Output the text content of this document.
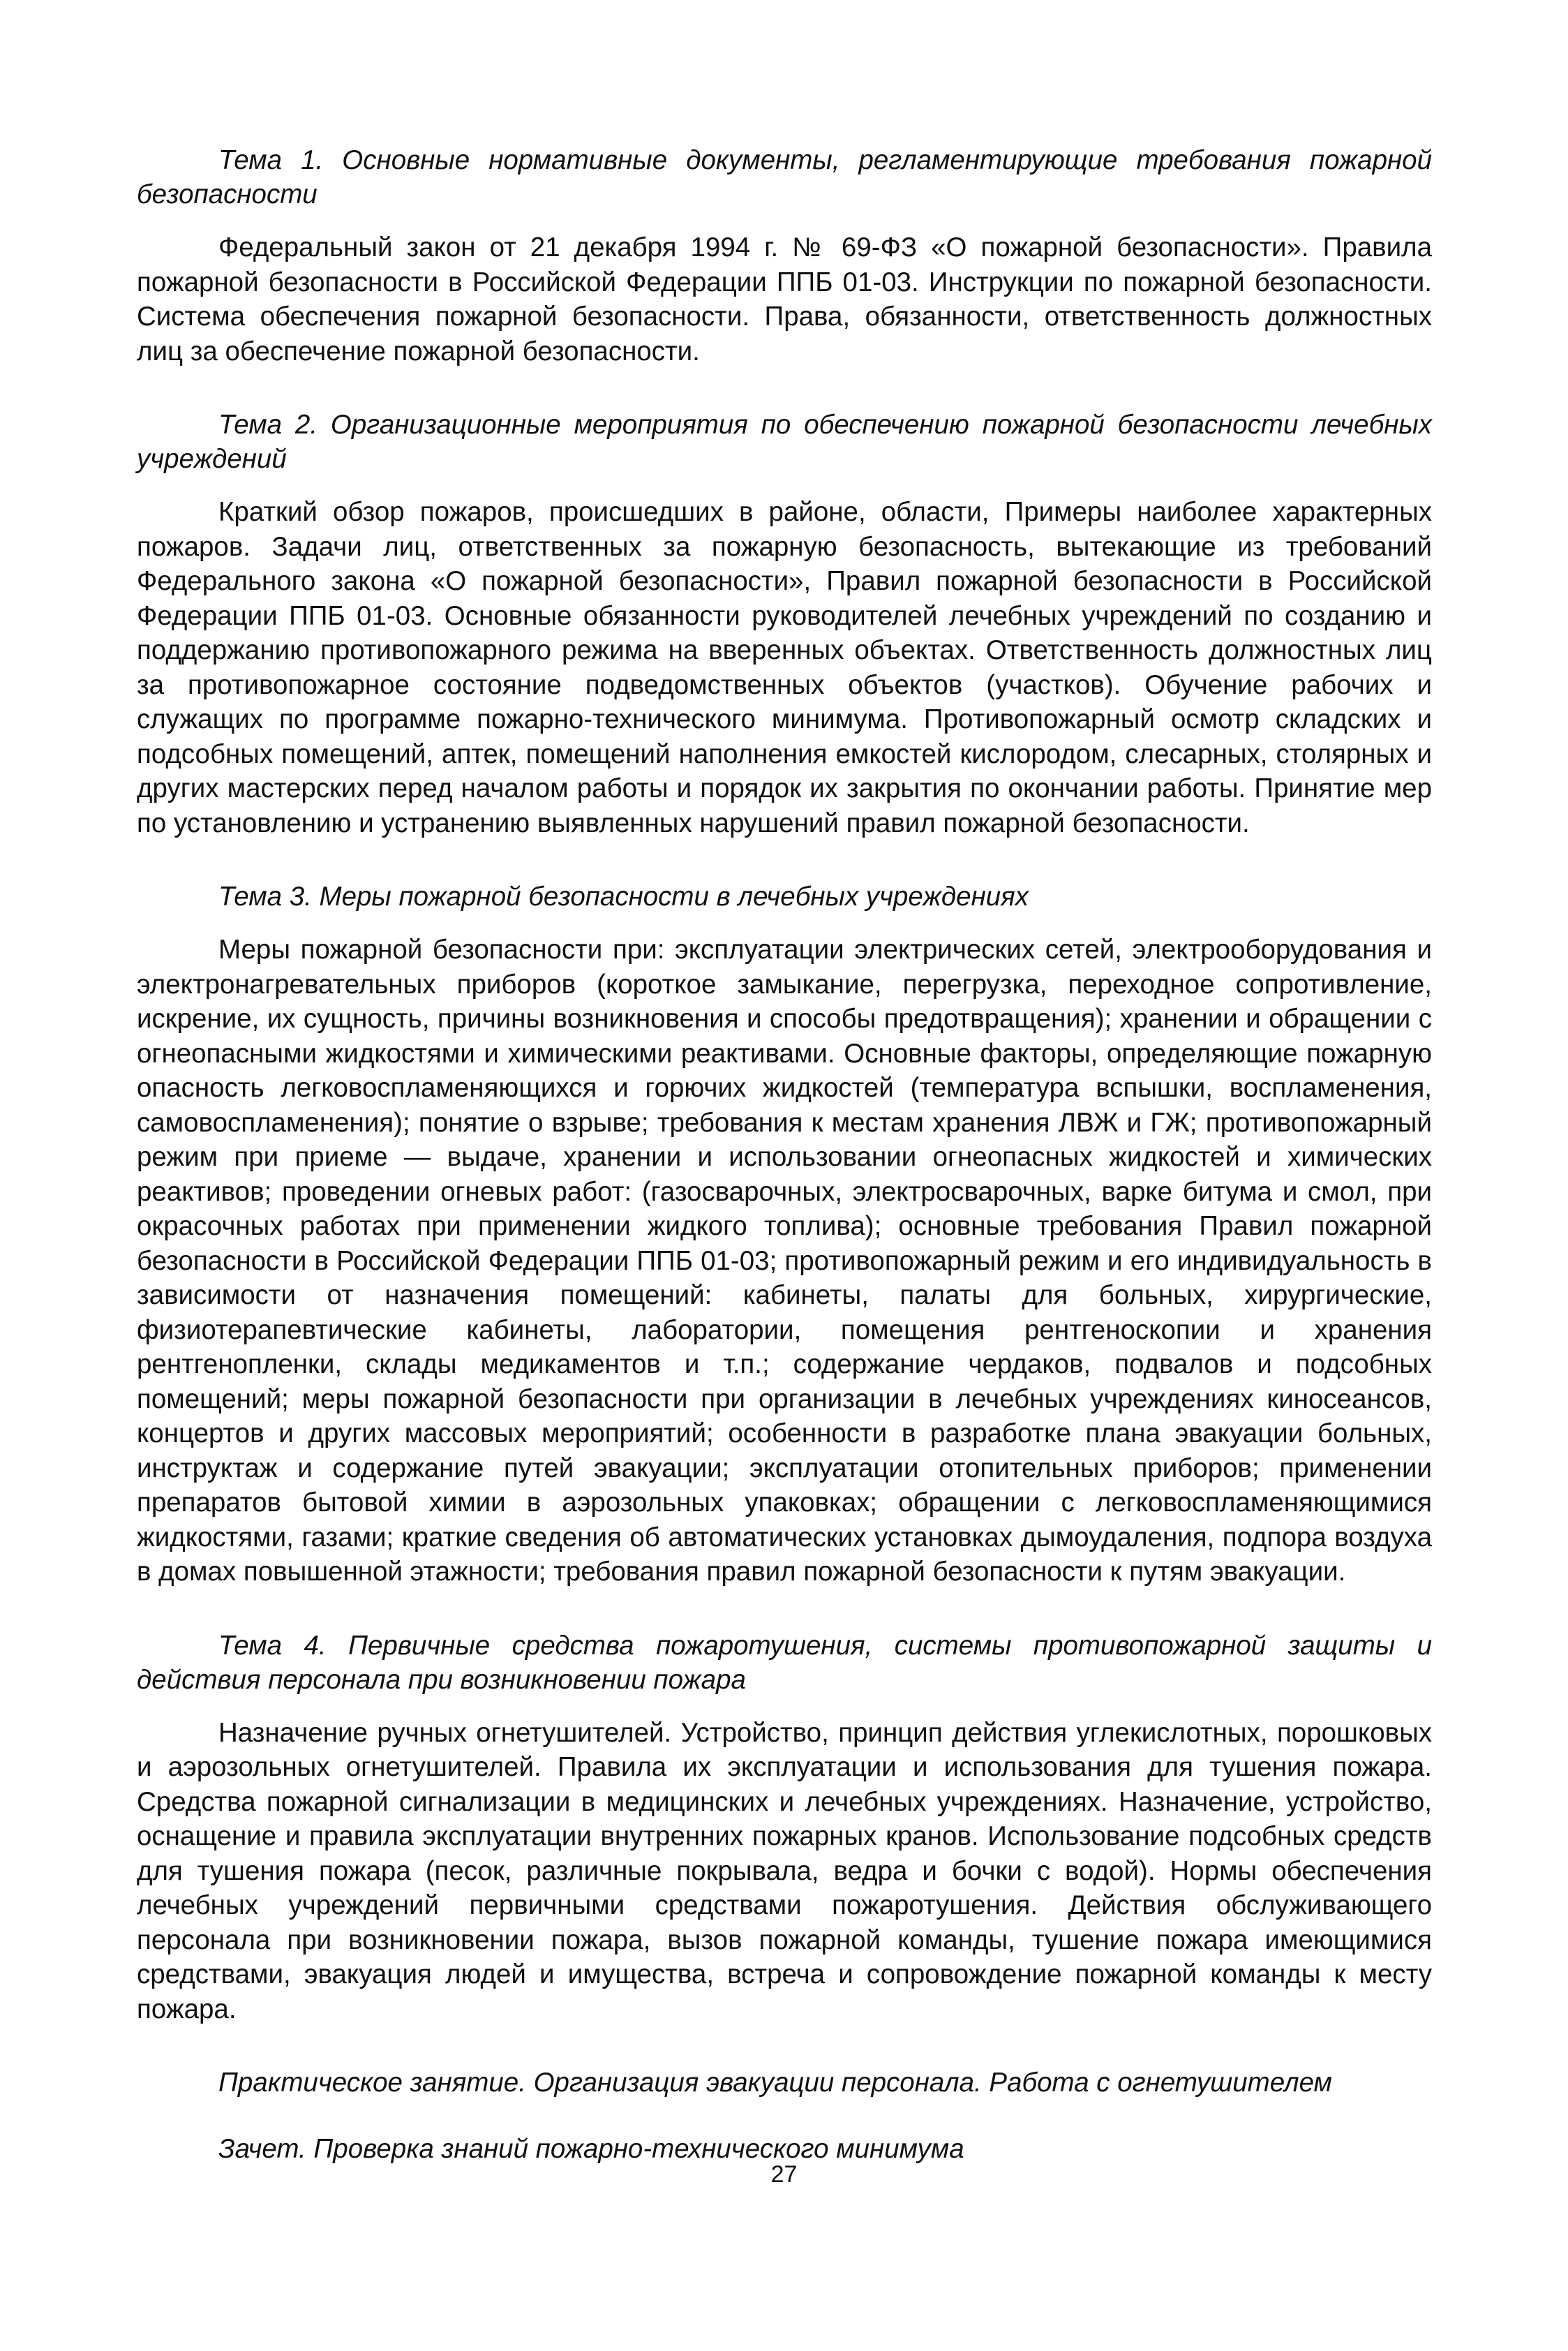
Тема 1. Основные нормативные документы, регламентирующие требования пожарной безопасности

Федеральный закон от 21 декабря 1994 г. № 69-ФЗ «О пожарной безопасности». Правила пожарной безопасности в Российской Федерации ППБ 01-03. Инструкции по пожарной безопасности. Система обеспечения пожарной безопасности. Права, обязанности, ответственность должностных лиц за обеспечение пожарной безопасности.

Тема 2. Организационные мероприятия по обеспечению пожарной безопасности лечебных учреждений

Краткий обзор пожаров, происшедших в районе, области, Примеры наиболее характерных пожаров. Задачи лиц, ответственных за пожарную безопасность, вытекающие из требований Федерального закона «О пожарной безопасности», Правил пожарной безопасности в Российской Федерации ППБ 01-03. Основные обязанности руководителей лечебных учреждений по созданию и поддержанию противопожарного режима на вверенных объектах. Ответственность должностных лиц за противопожарное состояние подведомственных объектов (участков). Обучение рабочих и служащих по программе пожарно-технического минимума. Противопожарный осмотр складских и подсобных помещений, аптек, помещений наполнения емкостей кислородом, слесарных, столярных и других мастерских перед началом работы и порядок их закрытия по окончании работы. Принятие мер по установлению и устранению выявленных нарушений правил пожарной безопасности.

Тема 3. Меры пожарной безопасности в лечебных учреждениях

Меры пожарной безопасности при: эксплуатации электрических сетей, электрооборудования и электронагревательных приборов (короткое замыкание, перегрузка, переходное сопротивление, искрение, их сущность, причины возникновения и способы предотвращения); хранении и обращении с огнеопасными жидкостями и химическими реактивами. Основные факторы, определяющие пожарную опасность легковоспламеняющихся и горючих жидкостей (температура вспышки, воспламенения, самовоспламенения); понятие о взрыве; требования к местам хранения ЛВЖ и ГЖ; противопожарный режим при приеме — выдаче, хранении и использовании огнеопасных жидкостей и химических реактивов; проведении огневых работ: (газосварочных, электросварочных, варке битума и смол, при окрасочных работах при применении жидкого топлива); основные требования Правил пожарной безопасности в Российской Федерации ППБ 01-03; противопожарный режим и его индивидуальность в зависимости от назначения помещений: кабинеты, палаты для больных, хирургические, физиотерапевтические кабинеты, лаборатории, помещения рентгеноскопии и хранения рентгенопленки, склады медикаментов и т.п.; содержание чердаков, подвалов и подсобных помещений; меры пожарной безопасности при организации в лечебных учреждениях киносеансов, концертов и других массовых мероприятий; особенности в разработке плана эвакуации больных, инструктаж и содержание путей эвакуации; эксплуатации отопительных приборов; применении препаратов бытовой химии в аэрозольных упаковках; обращении с легковоспламеняющимися жидкостями, газами; краткие сведения об автоматических установках дымоудаления, подпора воздуха в домах повышенной этажности; требования правил пожарной безопасности к путям эвакуации.

Тема 4. Первичные средства пожаротушения, системы противопожарной защиты и действия персонала при возникновении пожара

Назначение ручных огнетушителей. Устройство, принцип действия углекислотных, порошковых и аэрозольных огнетушителей. Правила их эксплуатации и использования для тушения пожара. Средства пожарной сигнализации в медицинских и лечебных учреждениях. Назначение, устройство, оснащение и правила эксплуатации внутренних пожарных кранов. Использование подсобных средств для тушения пожара (песок, различные покрывала, ведра и бочки с водой). Нормы обеспечения лечебных учреждений первичными средствами пожаротушения. Действия обслуживающего персонала при возникновении пожара, вызов пожарной команды, тушение пожара имеющимися средствами, эвакуация людей и имущества, встреча и сопровождение пожарной команды к месту пожара.

Практическое занятие. Организация эвакуации персонала. Работа с огнетушителем

Зачет. Проверка знаний пожарно-технического минимума

27
